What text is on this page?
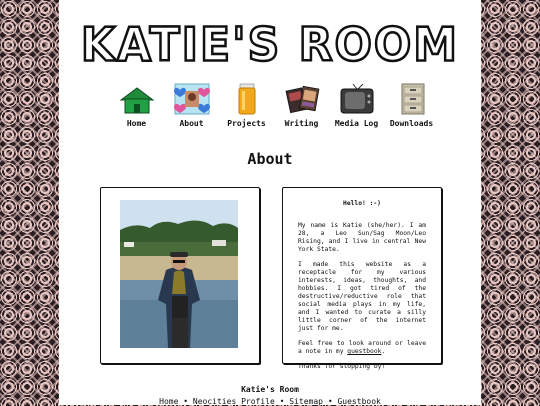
KATIE'S ROOM
Home	About	Projects Writing Media Log Downloads
About

Hello! :-)

My name is Katie (she/her). I am 28, a Leo Sun/Sag Moon/Leo Rising, and I live in central New York State.

I made this website as a receptacle for my various interests, ideas, thoughts, and hobbies. I got tired of the destructive/reductive role that social media plays in my life, and I wanted to curate a silly little corner of the internet just for me.

Feel free to look around or leave a note in my guestbook.

Thanks for stopping by!

Katie's Room
Home • Neocities Profile • Sitemap • Guestbook
